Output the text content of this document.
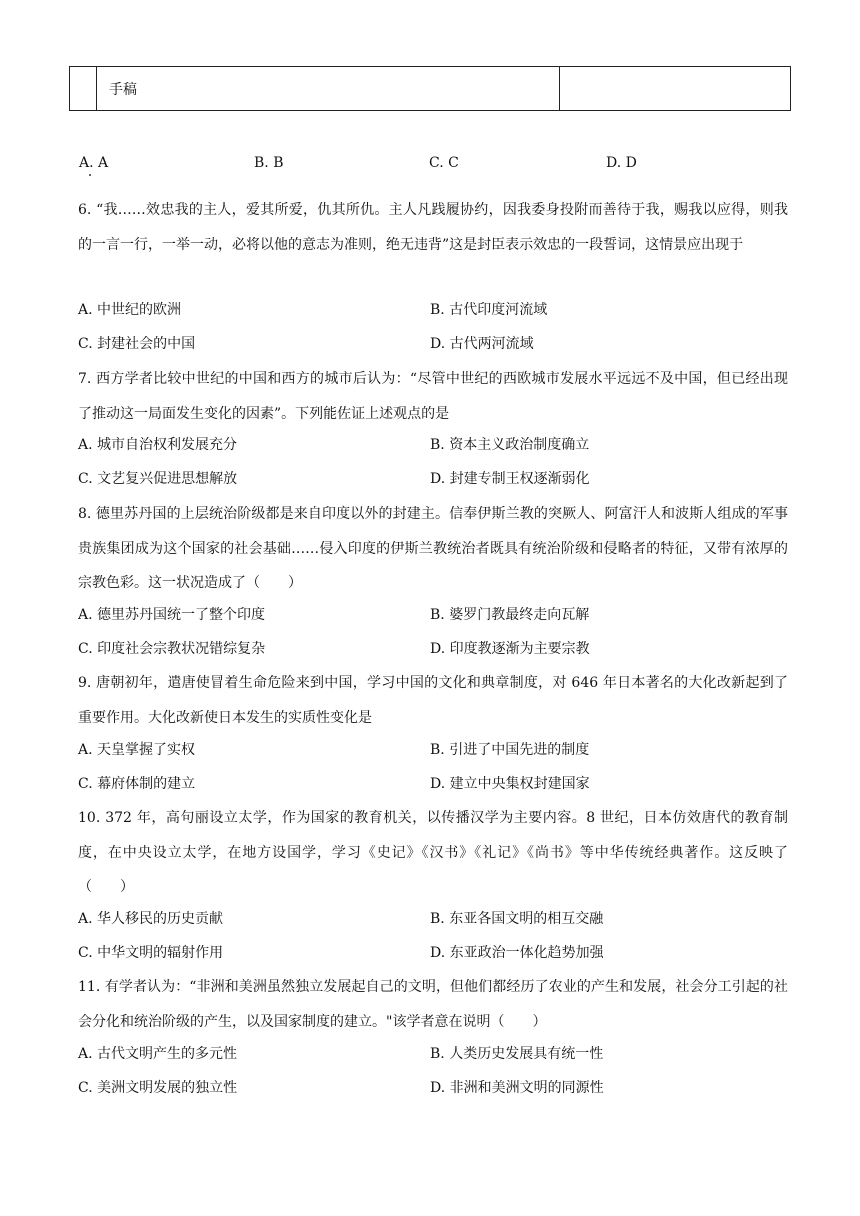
手稿
A. A	B. B	C. C	D. D

6. “我……效忠我的主人，爱其所爱，仇其所仇。主人凡践履协约，因我委身投附而善待于我，赐我以应得，则我的一言一行，一举一动，必将以他的意志为准则，绝无违背”这是封臣表示效忠的一段誓词，这情景应出现于

A. 中世纪的欧洲	B. 古代印度河流域
C. 封建社会的中国	D. 古代两河流域

7. 西方学者比较中世纪的中国和西方的城市后认为：“尽管中世纪的西欧城市发展水平远远不及中国，但已经出现了推动这一局面发生变化的因素”。下列能佐证上述观点的是

A. 城市自治权利发展充分	B. 资本主义政治制度确立
C. 文艺复兴促进思想解放	D. 封建专制王权逐渐弱化

8. 德里苏丹国的上层统治阶级都是来自印度以外的封建主。信奉伊斯兰教的突厥人、阿富汗人和波斯人组成的军事贵族集团成为这个国家的社会基础……侵入印度的伊斯兰教统治者既具有统治阶级和侵略者的特征，又带有浓厚的宗教色彩。这一状况造成了（　　）

A. 德里苏丹国统一了整个印度	B. 婆罗门教最终走向瓦解
C. 印度社会宗教状况错综复杂	D. 印度教逐渐为主要宗教

9. 唐朝初年，遣唐使冒着生命危险来到中国，学习中国的文化和典章制度，对 646 年日本著名的大化改新起到了重要作用。大化改新使日本发生的实质性变化是

A. 天皇掌握了实权	B. 引进了中国先进的制度
C. 幕府体制的建立	D. 建立中央集权封建国家

10. 372 年，高句丽设立太学，作为国家的教育机关，以传播汉学为主要内容。8 世纪，日本仿效唐代的教育制度，在中央设立太学，在地方设国学，学习《史记》《汉书》《礼记》《尚书》等中华传统经典著作。这反映了（　　）

A. 华人移民的历史贡献	B. 东亚各国文明的相互交融
C. 中华文明的辐射作用	D. 东亚政治一体化趋势加强

11. 有学者认为：“非洲和美洲虽然独立发展起自己的文明，但他们都经历了农业的产生和发展，社会分工引起的社会分化和统治阶级的产生，以及国家制度的建立。"该学者意在说明（　　）

A. 古代文明产生的多元性	B. 人类历史发展具有统一性
C. 美洲文明发展的独立性	D. 非洲和美洲文明的同源性
